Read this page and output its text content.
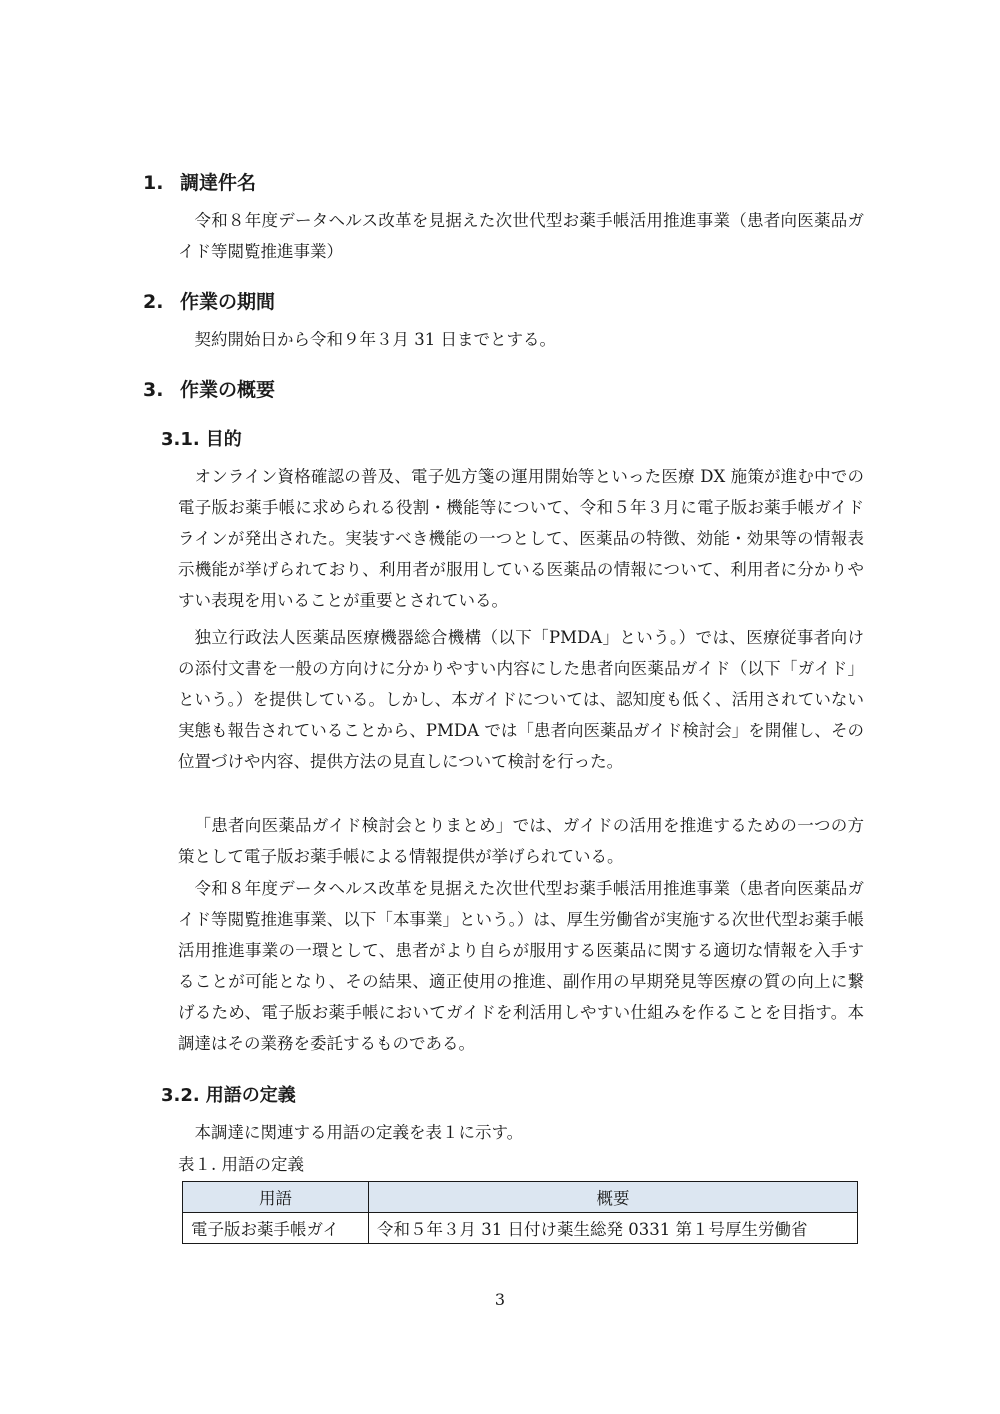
1. 調達件名

令和８年度データヘルス改革を見据えた次世代型お薬手帳活用推進事業（患者向医薬品ガイド等閲覧推進事業）

2. 作業の期間

契約開始日から令和９年３月 31 日までとする。

3. 作業の概要
3.1. 目的

オンライン資格確認の普及、電子処方箋の運用開始等といった医療 DX 施策が進む中での電子版お薬手帳に求められる役割・機能等について、令和５年３月に電子版お薬手帳ガイドラインが発出された。実装すべき機能の一つとして、医薬品の特徴、効能・効果等の情報表示機能が挙げられており、利用者が服用している医薬品の情報について、利用者に分かりやすい表現を用いることが重要とされている。

独立行政法人医薬品医療機器総合機構（以下「PMDA」という。）では、医療従事者向けの添付文書を一般の方向けに分かりやすい内容にした患者向医薬品ガイド（以下「ガイド」という。）を提供している。しかし、本ガイドについては、認知度も低く、活用されていない実態も報告されていることから、PMDA では「患者向医薬品ガイド検討会」を開催し、その位置づけや内容、提供方法の見直しについて検討を行った。

「患者向医薬品ガイド検討会とりまとめ」では、ガイドの活用を推進するための一つの方策として電子版お薬手帳による情報提供が挙げられている。

令和８年度データヘルス改革を見据えた次世代型お薬手帳活用推進事業（患者向医薬品ガイド等閲覧推進事業、以下「本事業」という。）は、厚生労働省が実施する次世代型お薬手帳活用推進事業の一環として、患者がより自らが服用する医薬品に関する適切な情報を入手することが可能となり、その結果、適正使用の推進、副作用の早期発見等医療の質の向上に繋げるため、電子版お薬手帳においてガイドを利活用しやすい仕組みを作ることを目指す。本調達はその業務を委託するものである。

3.2. 用語の定義

本調達に関連する用語の定義を表１に示す。

表１. 用語の定義
用語	概要
電子版お薬手帳ガイ	令和５年３月 31 日付け薬生総発 0331 第１号厚生労働省
3
